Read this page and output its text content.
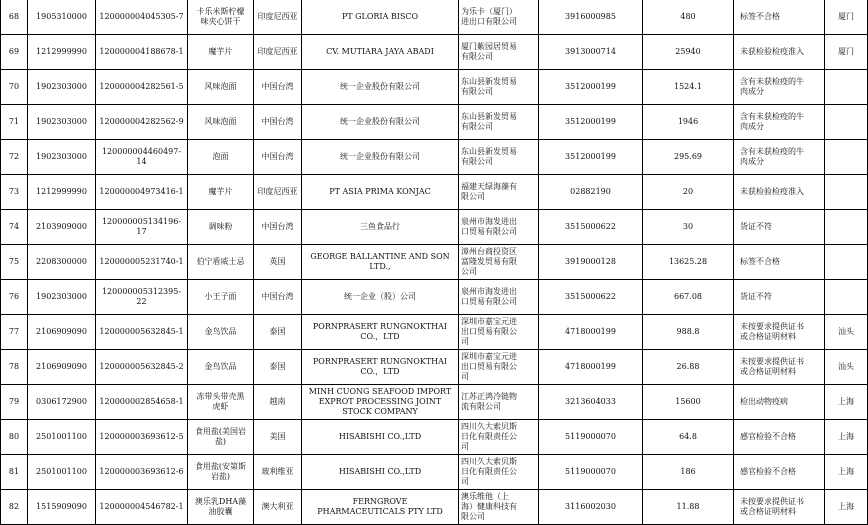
68	1905310000	120000004045305-7	卡乐米斯柠檬
味夹心饼干	印度尼西亚	PT GLORIA BISCO	为乐卡（厦门）
进出口有限公司	3916000985	480	标签不合格	厦门
69	1212999990	120000004188678-1	魔芋片	印度尼西亚	CV. MUTIARA JAYA ABADI	厦门紫园居贸易
有限公司	3913000714	25940	未获检验检疫准入	厦门
70	1902303000	120000004282561-5	风味泡面	中国台湾	统一企业股份有限公司	东山县新发贸易
有限公司	3512000199	1524.1	含有未获检疫的牛
肉成分	
71	1902303000	120000004282562-9	风味泡面	中国台湾	统一企业股份有限公司	东山县新发贸易
有限公司	3512000199	1946	含有未获检疫的牛
肉成分	
72	1902303000	120000004460497-14	泡面	中国台湾	统一企业股份有限公司	东山县新发贸易
有限公司	3512000199	295.69	含有未获检疫的牛
肉成分	
73	1212999990	120000004973416-1	魔芋片	印度尼西亚	PT ASIA PRIMA KONJAC	福建天绿海藻有
限公司	02882190	20	未获检验检疫准入	
74	2103909000	120000005134196-17	调味粉	中国台湾	三鱼食品行	泉州市海发进出
口贸易有限公司	3515000622	30	货证不符	
75	2208300000	120000005231740-1	伯宁盾威士忌	英国	GEORGE BALLANTINE AND SON
LTD.,	漳州台商投资区
富隆发贸易有限
公司	3919000128	13625.28	标签不合格	
76	1902303000	120000005312395-22	小王子面	中国台湾	统一企业（股）公司	泉州市海发进出
口贸易有限公司	3515000622	667.08	货证不符	
77	2106909090	120000005632845-1	金鸟饮品	泰国	PORNPRASERT RUNGNOKTHAI
CO.，LTD	深圳市嘉宝元进
出口贸易有限公
司	4718000199	988.8	未按要求提供证书
或合格证明材料	汕头
78	2106909090	120000005632845-2	金鸟饮品	泰国	PORNPRASERT RUNGNOKTHAI
CO.，LTD	深圳市嘉宝元进
出口贸易有限公
司	4718000199	26.88	未按要求提供证书
或合格证明材料	汕头
79	0306172900	120000002854658-1	冻带头带壳黑
虎虾	越南	MINH CUONG SEAFOOD IMPORT
EXPROT PROCESSING JOINT
STOCK COMPANY	江苏正鸿冷链物
流有限公司	3213604033	15600	检出动物疫病	上海
80	2501001100	120000003693612-5	食用盐(美国岩
盐)	美国	HISABISHI CO.,LTD	四川久大索贝斯
日化有限责任公
司	5119000070	64.8	感官检验不合格	上海
81	2501001100	120000003693612-6	食用盐(安第斯
岩盐)	玻利维亚	HISABISHI CO.,LTD	四川久大索贝斯
日化有限责任公
司	5119000070	186	感官检验不合格	上海
82	1515909090	120000004546782-1	澳乐乳DHA藻
油胶囊	澳大利亚	FERNGROVE
PHARMACEUTICALS PTY LTD	澳乐维他（上
海）健康科技有
限公司	3116002030	11.88	未按要求提供证书
或合格证明材料	上海
